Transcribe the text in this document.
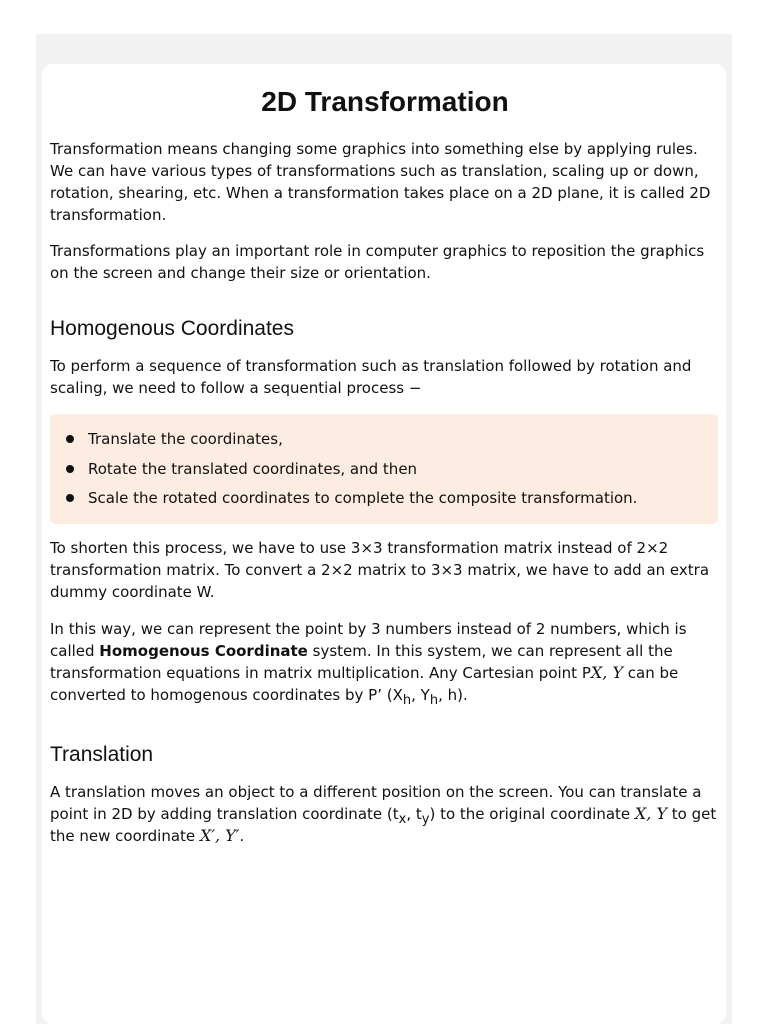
2D Transformation

Transformation means changing some graphics into something else by applying rules. We can have various types of transformations such as translation, scaling up or down, rotation, shearing, etc. When a transformation takes place on a 2D plane, it is called 2D transformation.

Transformations play an important role in computer graphics to reposition the graphics on the screen and change their size or orientation.

Homogenous Coordinates

To perform a sequence of transformation such as translation followed by rotation and scaling, we need to follow a sequential process −

Translate the coordinates,
Rotate the translated coordinates, and then
Scale the rotated coordinates to complete the composite transformation.

To shorten this process, we have to use 3×3 transformation matrix instead of 2×2 transformation matrix. To convert a 2×2 matrix to 3×3 matrix, we have to add an extra dummy coordinate W.

In this way, we can represent the point by 3 numbers instead of 2 numbers, which is called Homogenous Coordinate system. In this system, we can represent all the transformation equations in matrix multiplication. Any Cartesian point PX, Y can be converted to homogenous coordinates by P’ ($X_h$, $Y_h$, h).

Translation

A translation moves an object to a different position on the screen. You can translate a point in 2D by adding translation coordinate ($t_x$, $t_y$) to the original coordinate X, Y to get the new coordinate X′, Y′.
